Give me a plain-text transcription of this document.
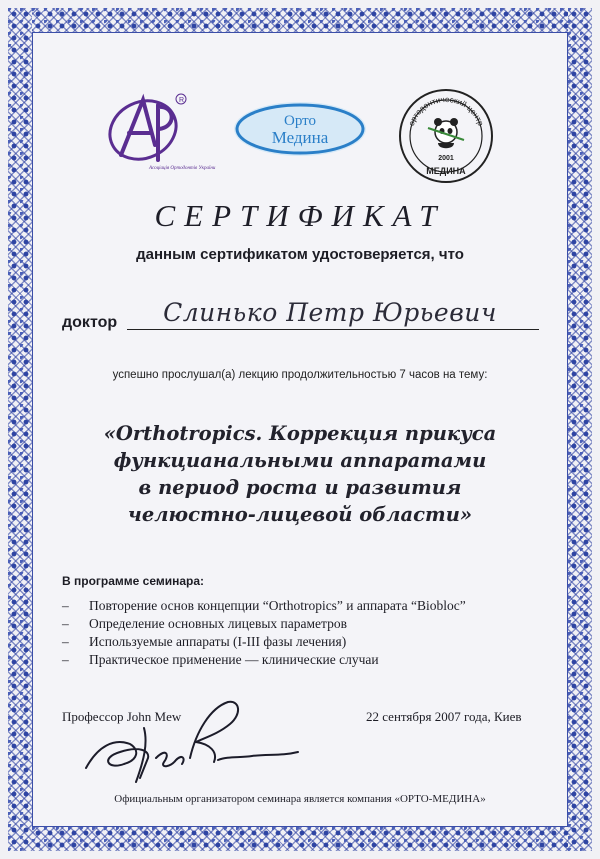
R
Асоціація Ортодонтів України
Орто
Медина
ортодонтический центр
2001
МЕДИНА
СЕРТИФИКАТ
данным сертификатом удостоверяется, что
доктор	Слинько Петр Юрьевич
успешно прослушал(а) лекцию продолжительностью 7 часов на тему:
«Orthotropics. Коррекция прикуса
функцианальными аппаратами
в период роста и развития
челюстно-лицевой области»
В программе семинара:
– Повторение основ концепции “Orthotropics” и аппарата “Biobloc”
– Определение основных лицевых параметров
– Используемые аппараты (I-III фазы лечения)
– Практическое применение — клинические случаи
Профессор John Mew	22 сентября 2007 года, Киев
Официальным организатором семинара является компания «ОРТО-МЕДИНА»
